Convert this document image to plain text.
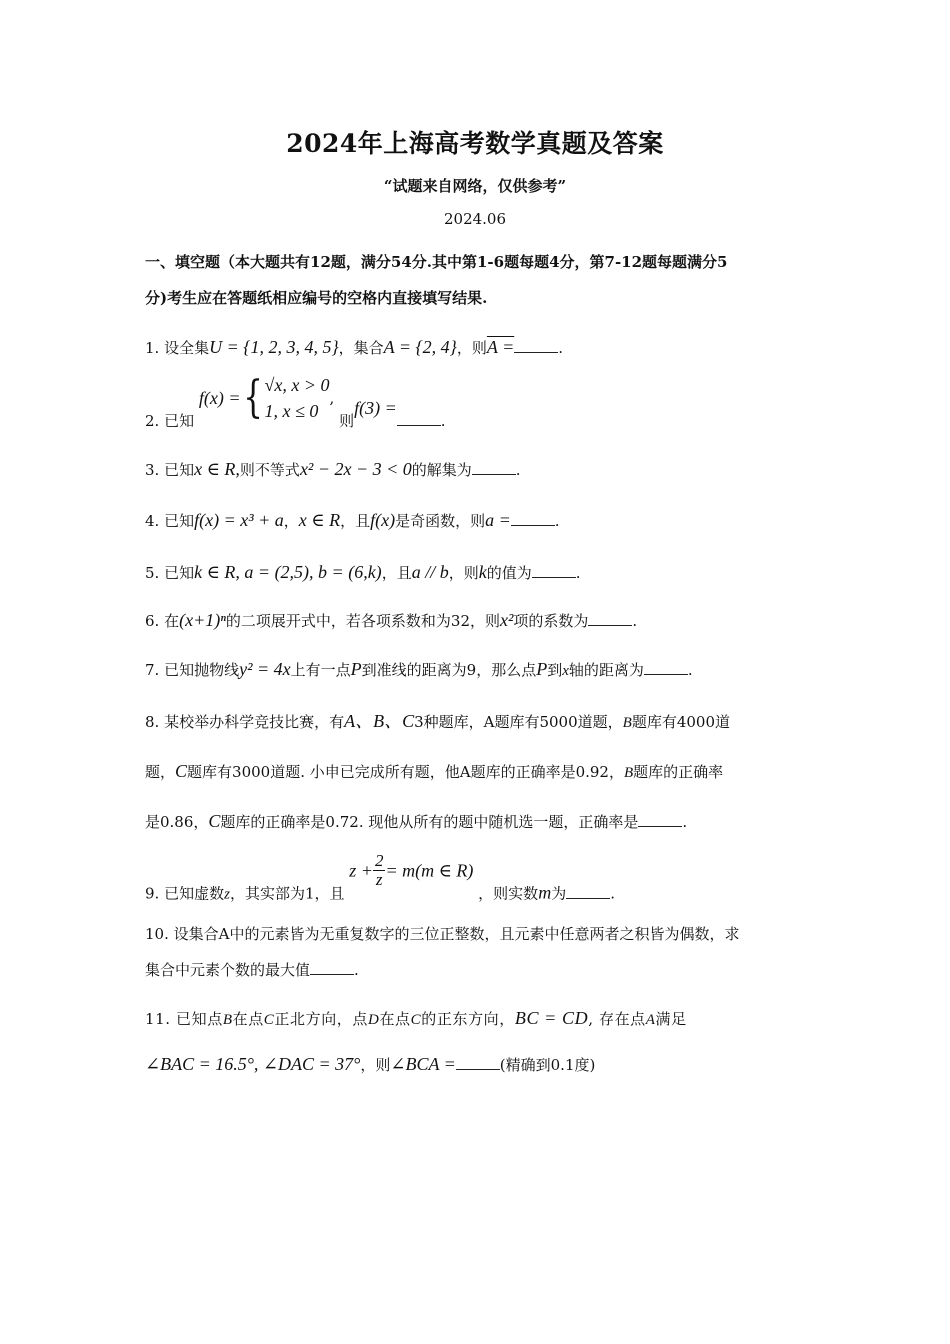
2024年上海高考数学真题及答案
“试题来自网络，仅供参考”
2024.06
一、填空题（本大题共有12题，满分54分.其中第1-6题每题4分，第7-12题每题满分5
分)考生应在答题纸相应编号的空格内直接填写结果.
1. 设全集U = {1, 2, 3, 4, 5}，集合A = {2, 4}，则A =	.
2. 已知 f(x) ={ √x, x > 0
1, x ≤ 0
, 则f(3) =.
3. 已知x ∈ R,则不等式x² − 2x − 3 < 0的解集为	.
4. 已知f(x) = x³ + a，x ∈ R，且f(x)是奇函数，则a =	.
5. 已知k ∈ R, a = (2,5), b = (6,k)，且a // b，则k的值为	.
6. 在(x+1)ⁿ的二项展开式中，若各项系数和为32，则x²项的系数为	.
7. 已知抛物线y² = 4x上有一点P到准线的距离为9，那么点P到x轴的距离为	.
8. 某校举办科学竞技比赛，有A、B、C3种题库，A题库有5000道题，B题库有4000道
题，C题库有3000道题. 小申已完成所有题，他A题库的正确率是0.92，B题库的正确率
是0.86，C题库的正确率是0.72. 现他从所有的题中随机选一题，正确率是	.
9. 已知虚数z，其实部为1，且 $z + \frac{2}{z} = m(m$ ∈ R) ，则实数m为	.
10. 设集合A中的元素皆为无重复数字的三位正整数，且元素中任意两者之积皆为偶数，求
集合中元素个数的最大值	.
11. 已知点B在点C正北方向，点D在点C的正东方向，BC = CD, 存在点A满足
∠BAC = 16.5°, ∠DAC = 37°，则∠BCA =	(精确到0.1度)
